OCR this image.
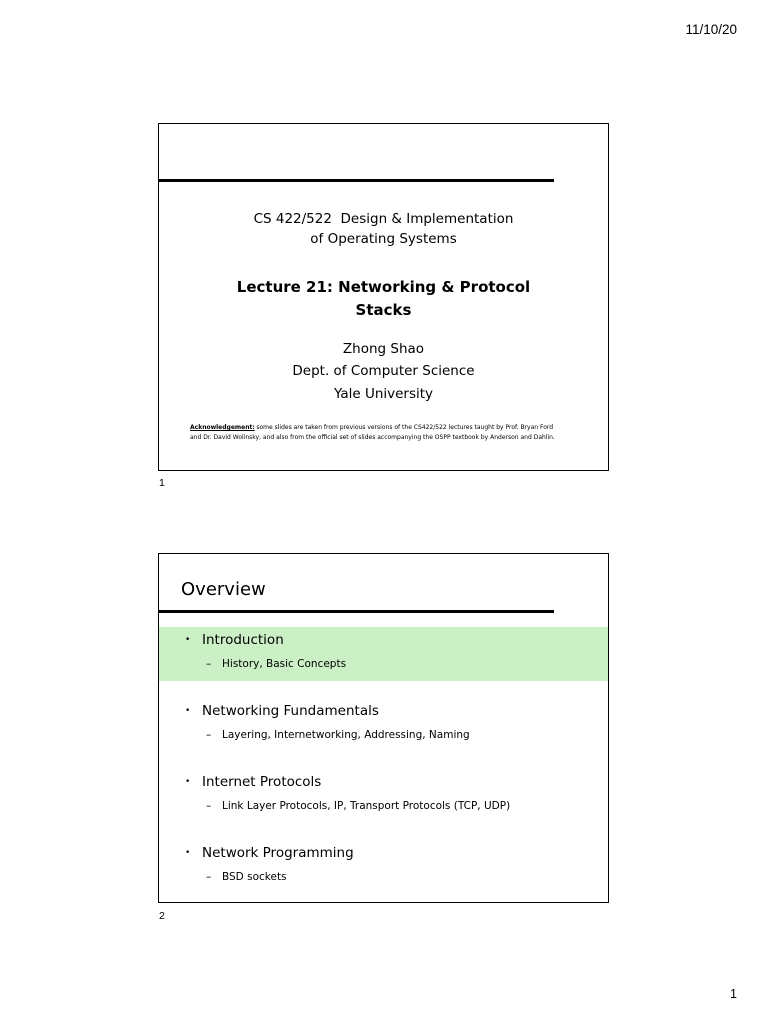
11/10/20
CS 422/522  Design & Implementation
of Operating Systems
Lecture 21: Networking & Protocol
Stacks
Zhong Shao
Dept. of Computer Science
Yale University
Acknowledgement: some slides are taken from previous versions of the CS422/522 lectures taught by Prof. Bryan Ford
and Dr. David Wolinsky, and also from the official set of slides accompanying the OSPP textbook by Anderson and Dahlin.
1
Overview
• Introduction
– History, Basic Concepts
• Networking Fundamentals
– Layering, Internetworking, Addressing, Naming
• Internet Protocols
– Link Layer Protocols, IP, Transport Protocols (TCP, UDP)
• Network Programming
– BSD sockets
2
1
